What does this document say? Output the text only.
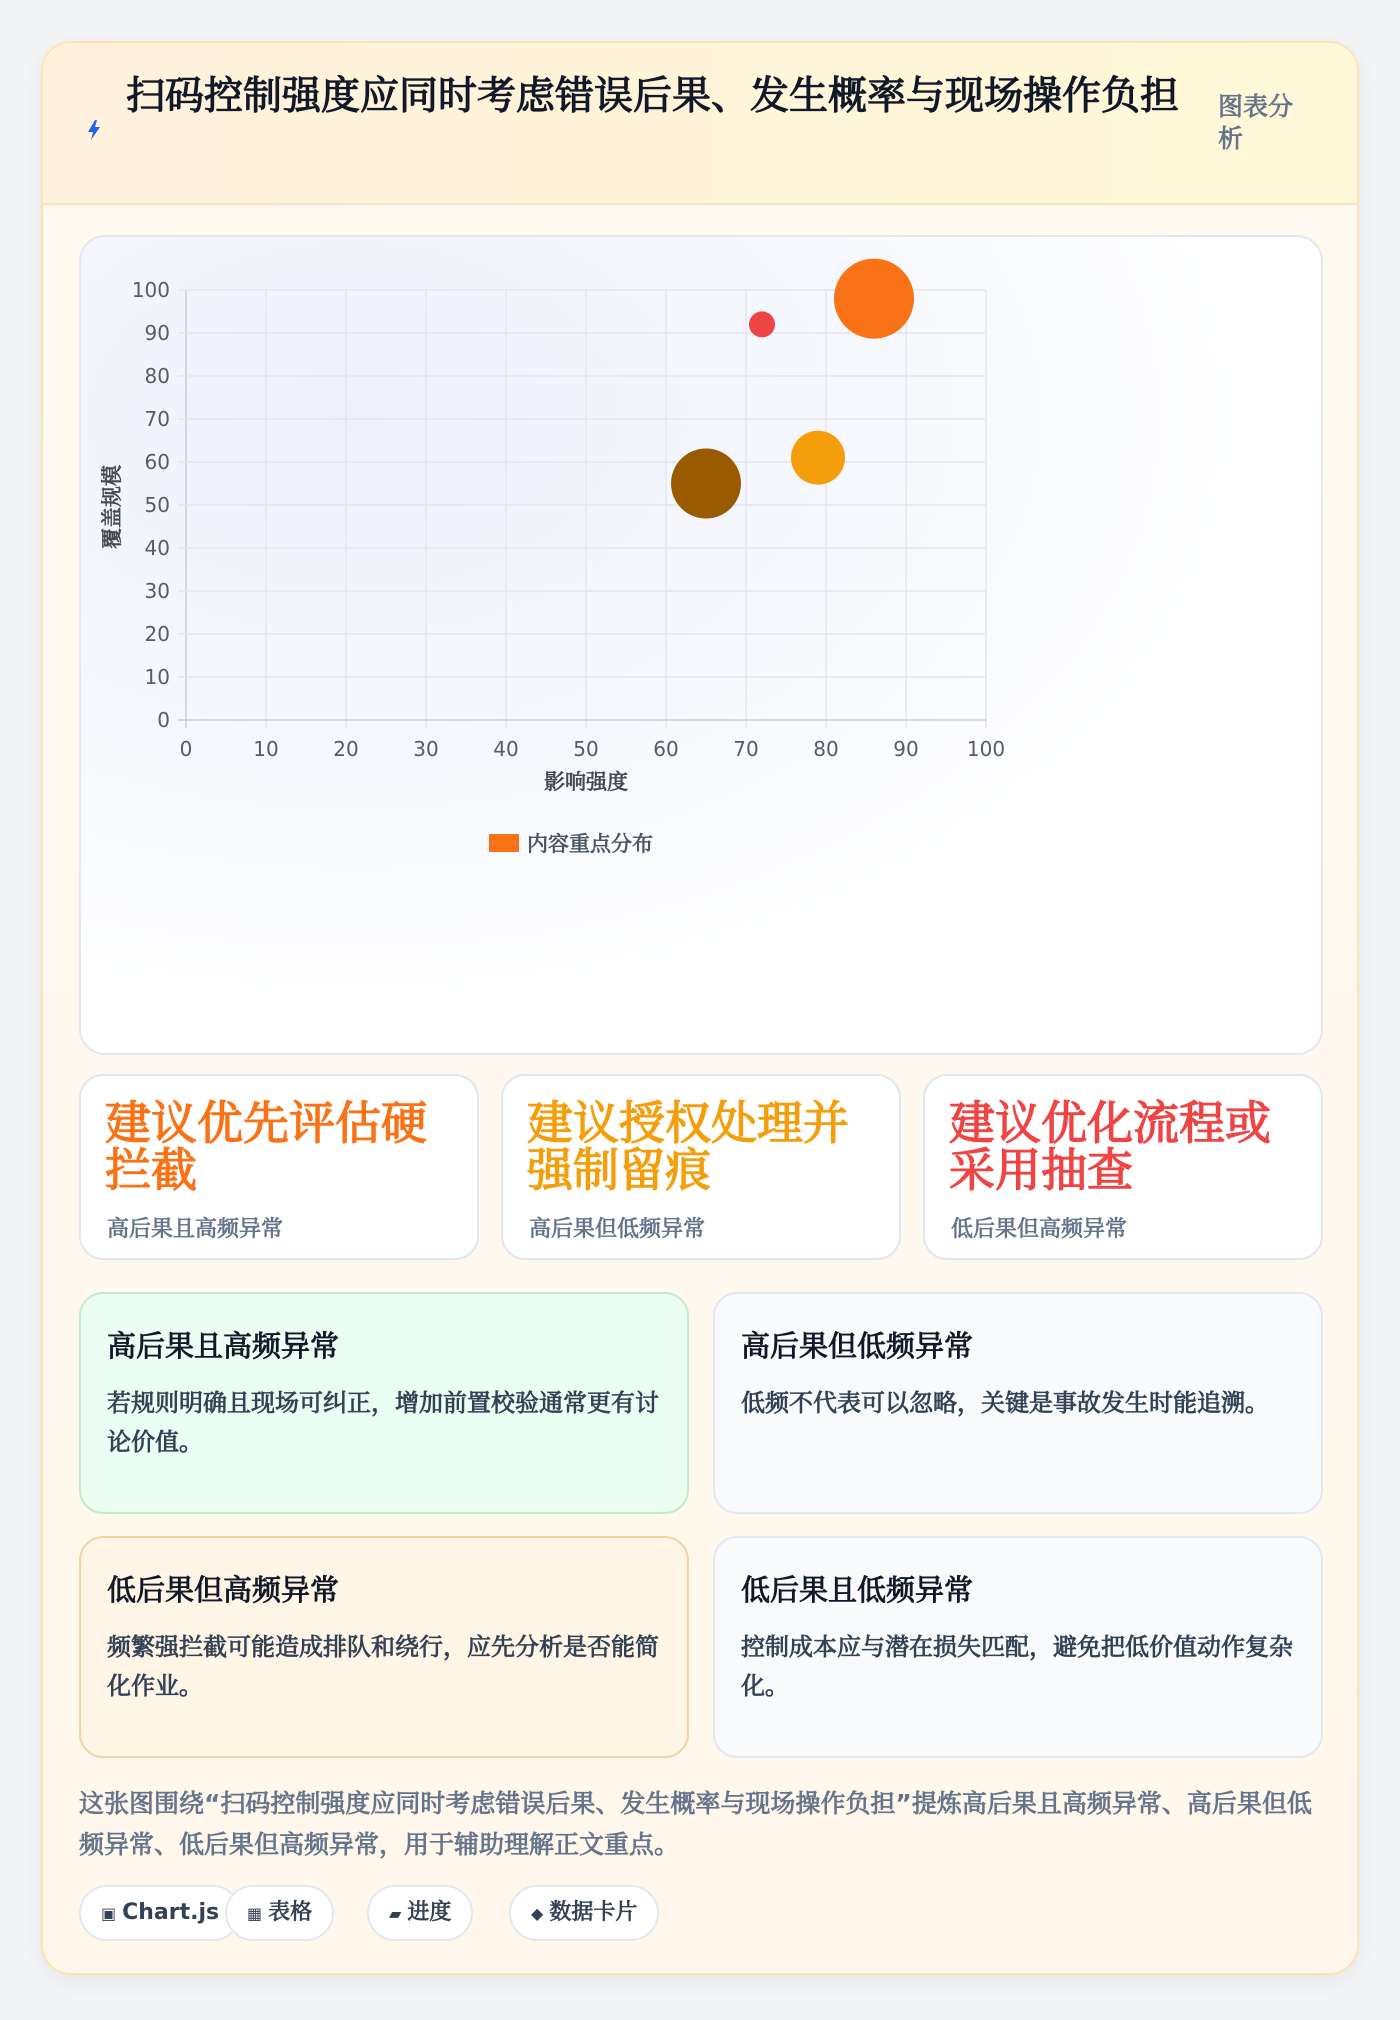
扫码控制强度应同时考虑错误后果、发生概率与现场操作负担 图表分析
0	10	20	30	40	50	60	70	80	90 100
0
10
20
30
40
50
60
70
80
90
100
影响强度
覆盖规模
内容重点分布
建议优先评估硬拦截
高后果且高频异常
建议授权处理并强制留痕
高后果但低频异常
建议优化流程或采用抽查
低后果但高频异常
高后果且高频异常
若规则明确且现场可纠正，增加前置校验通常更有讨论价值。
高后果但低频异常
低频不代表可以忽略，关键是事故发生时能追溯。
低后果但高频异常
频繁强拦截可能造成排队和绕行，应先分析是否能简化作业。
低后果且低频异常
控制成本应与潜在损失匹配，避免把低价值动作复杂化。
这张图围绕“扫码控制强度应同时考虑错误后果、发生概率与现场操作负担”提炼高后果且高频异常、高后果但低频异常、低后果但高频异常，用于辅助理解正文重点。
▣ Chart.js	▦ 表格	▰ 进度	◆ 数据卡片
